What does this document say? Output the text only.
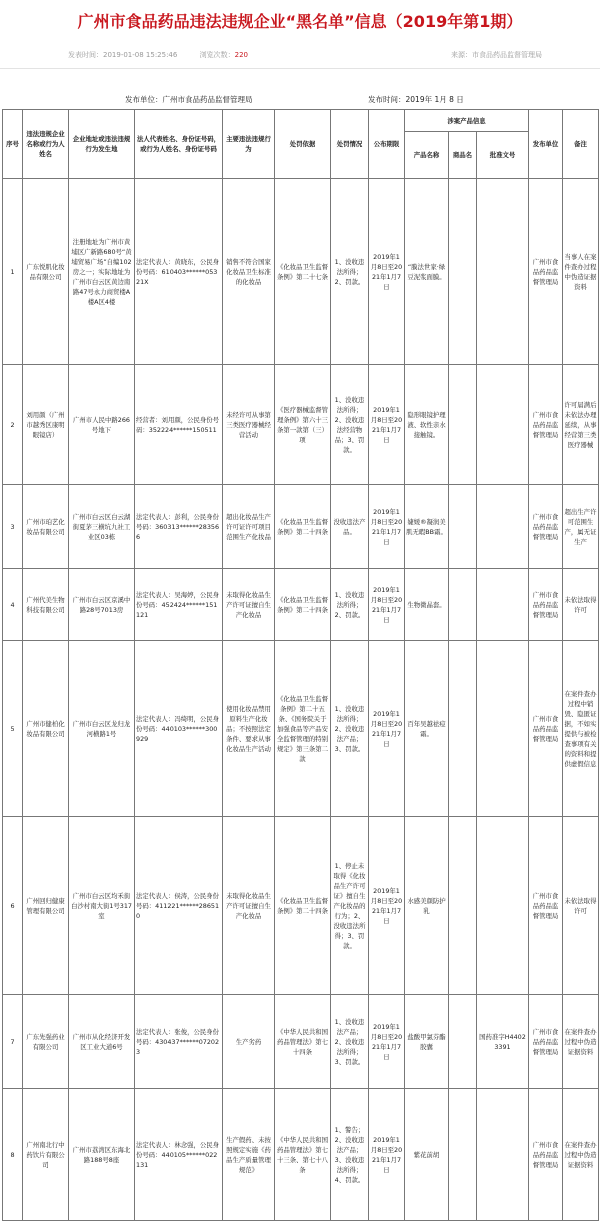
广州市食品药品违法违规企业“黑名单”信息（2019年第1期）
发表时间：2019-01-08 15:25:46	浏览次数：220	来源：市食品药品监督管理局
发布单位：广州市食品药品监督管理局	发布时间：2019年 1月 8 日
序号	违法违规企业名称或行为人姓名	企业地址或违法违规行为发生地	法人代表姓名、身份证号码，或行为人姓名、身份证号码	主要违法违规行为	处罚依据	处罚情况	公布期限	涉案产品信息			发布单位	备注
								产品名称	商品名	批准文号		
1	广东悦肌化妆品有限公司	注册地址为广州市黄埔区广新路680号“黄埔贸易广场”自编102房之一；实际地址为广州市白云区黄边南路47号永力商贸楼A楼A区4楼	法定代表人：黄晓东，公民身份号码：610403******05321X	销售不符合国家化妆品卫生标准的化妆品	《化妆品卫生监督条例》第二十七条	1、没收违法所得；2、罚款。	2019年1月8日至2021年1月7日	“膜法世家·绿豆泥浆面膜。			广州市食品药品监督管理局	当事人在案件查办过程中伪造证据资料
2	刘用颜（广州市越秀区康明眼镜店）	广州市人民中路266号地下	经营者：刘用颜，公民身份号码：352224******150511	未经许可从事第三类医疗器械经营活动	《医疗器械监督管理条例》第六十三条第一款第（三）项	1、没收违法所得；2、没收违法经营物品；3、罚款。	2019年1月8日至2021年1月7日	隐形眼镜护理液、软性亲水接触镜。			广州市食品药品监督管理局	许可届满后未依法办理延续，从事经营第三类医疗器械
3	广州市珀艺化妆品有限公司	广州市白云区白云湖街夏茅三横坑九社工业区03栋	法定代表人：彭利，公民身份号码：360313******283566	超出化妆品生产许可证许可项目范围生产化妆品	《化妆品卫生监督条例》第二十四条	没收违法产品。	2019年1月8日至2021年1月7日	婕媛®凝润美肌无暇BB霜。			广州市食品药品监督管理局	超出生产许可范围生产，属无证生产
4	广州代美生物科技有限公司	广州市白云区京溪中路28号7013房	法定代表人：吴海婷，公民身份号码：452424******151121	未取得化妆品生产许可证擅自生产化妆品	《化妆品卫生监督条例》第二十四条	1、没收违法所得；2、罚款。	2019年1月8日至2021年1月7日	生物微晶套。			广州市食品药品监督管理局	未依法取得许可
5	广州市健柏化妆品有限公司	广州市白云区龙归龙河横路1号	法定代表人：冯绮明，公民身份号码：440103******300929	使用化妆品禁用原料生产化妆品；不按照法定条件、要求从事化妆品生产活动	《化妆品卫生监督条例》第二十五条、《国务院关于加强食品等产品安全监督管理的特别规定》第三条第二款	1、没收违法所得；2、没收违法产品；3、罚款。	2019年1月8日至2021年1月7日	百年吴越祛痘霜。			广州市食品药品监督管理局	在案件查办过程中销毁、隐匿证据，不如实提供与被检查事项有关的资料和提供虚假信息
6	广州回归健康管理有限公司	广州市白云区均禾街白沙村南大街1号317室	法定代表人：侯涛，公民身份号码：411221******286510	未取得化妆品生产许可证擅自生产化妆品	《化妆品卫生监督条例》第二十四条	1、停止未取得《化妆品生产许可证》擅自生产化妆品的行为；2、没收违法所得；3、罚款。	2019年1月8日至2021年1月7日	水感美颜防护乳			广州市食品药品监督管理局	未依法取得许可
7	广东先强药业有限公司	广州市从化经济开发区工业大道6号	法定代表人：张俊，公民身份号码：430437******072023	生产劣药	《中华人民共和国药品管理法》第七十四条	1、没收违法产品；2、没收违法所得；3、罚款。	2019年1月8日至2021年1月7日	盐酸甲氯芬酯胶囊		国药准字H44023391	广州市食品药品监督管理局	在案件查办过程中伪造证据资料
8	广州南北行中药饮片有限公司	广州市荔湾区东海北路188号8座	法定代表人：林念强，公民身份号码：440105******022131	生产假药、未按照规定实施《药品生产质量管理规范》	《中华人民共和国药品管理法》第七十三条、第七十八条	1、警告；2、没收违法产品；3、没收违法所得；4、罚款。	2019年1月8日至2021年1月7日	紫花前胡			广州市食品药品监督管理局	在案件查办过程中伪造证据资料
